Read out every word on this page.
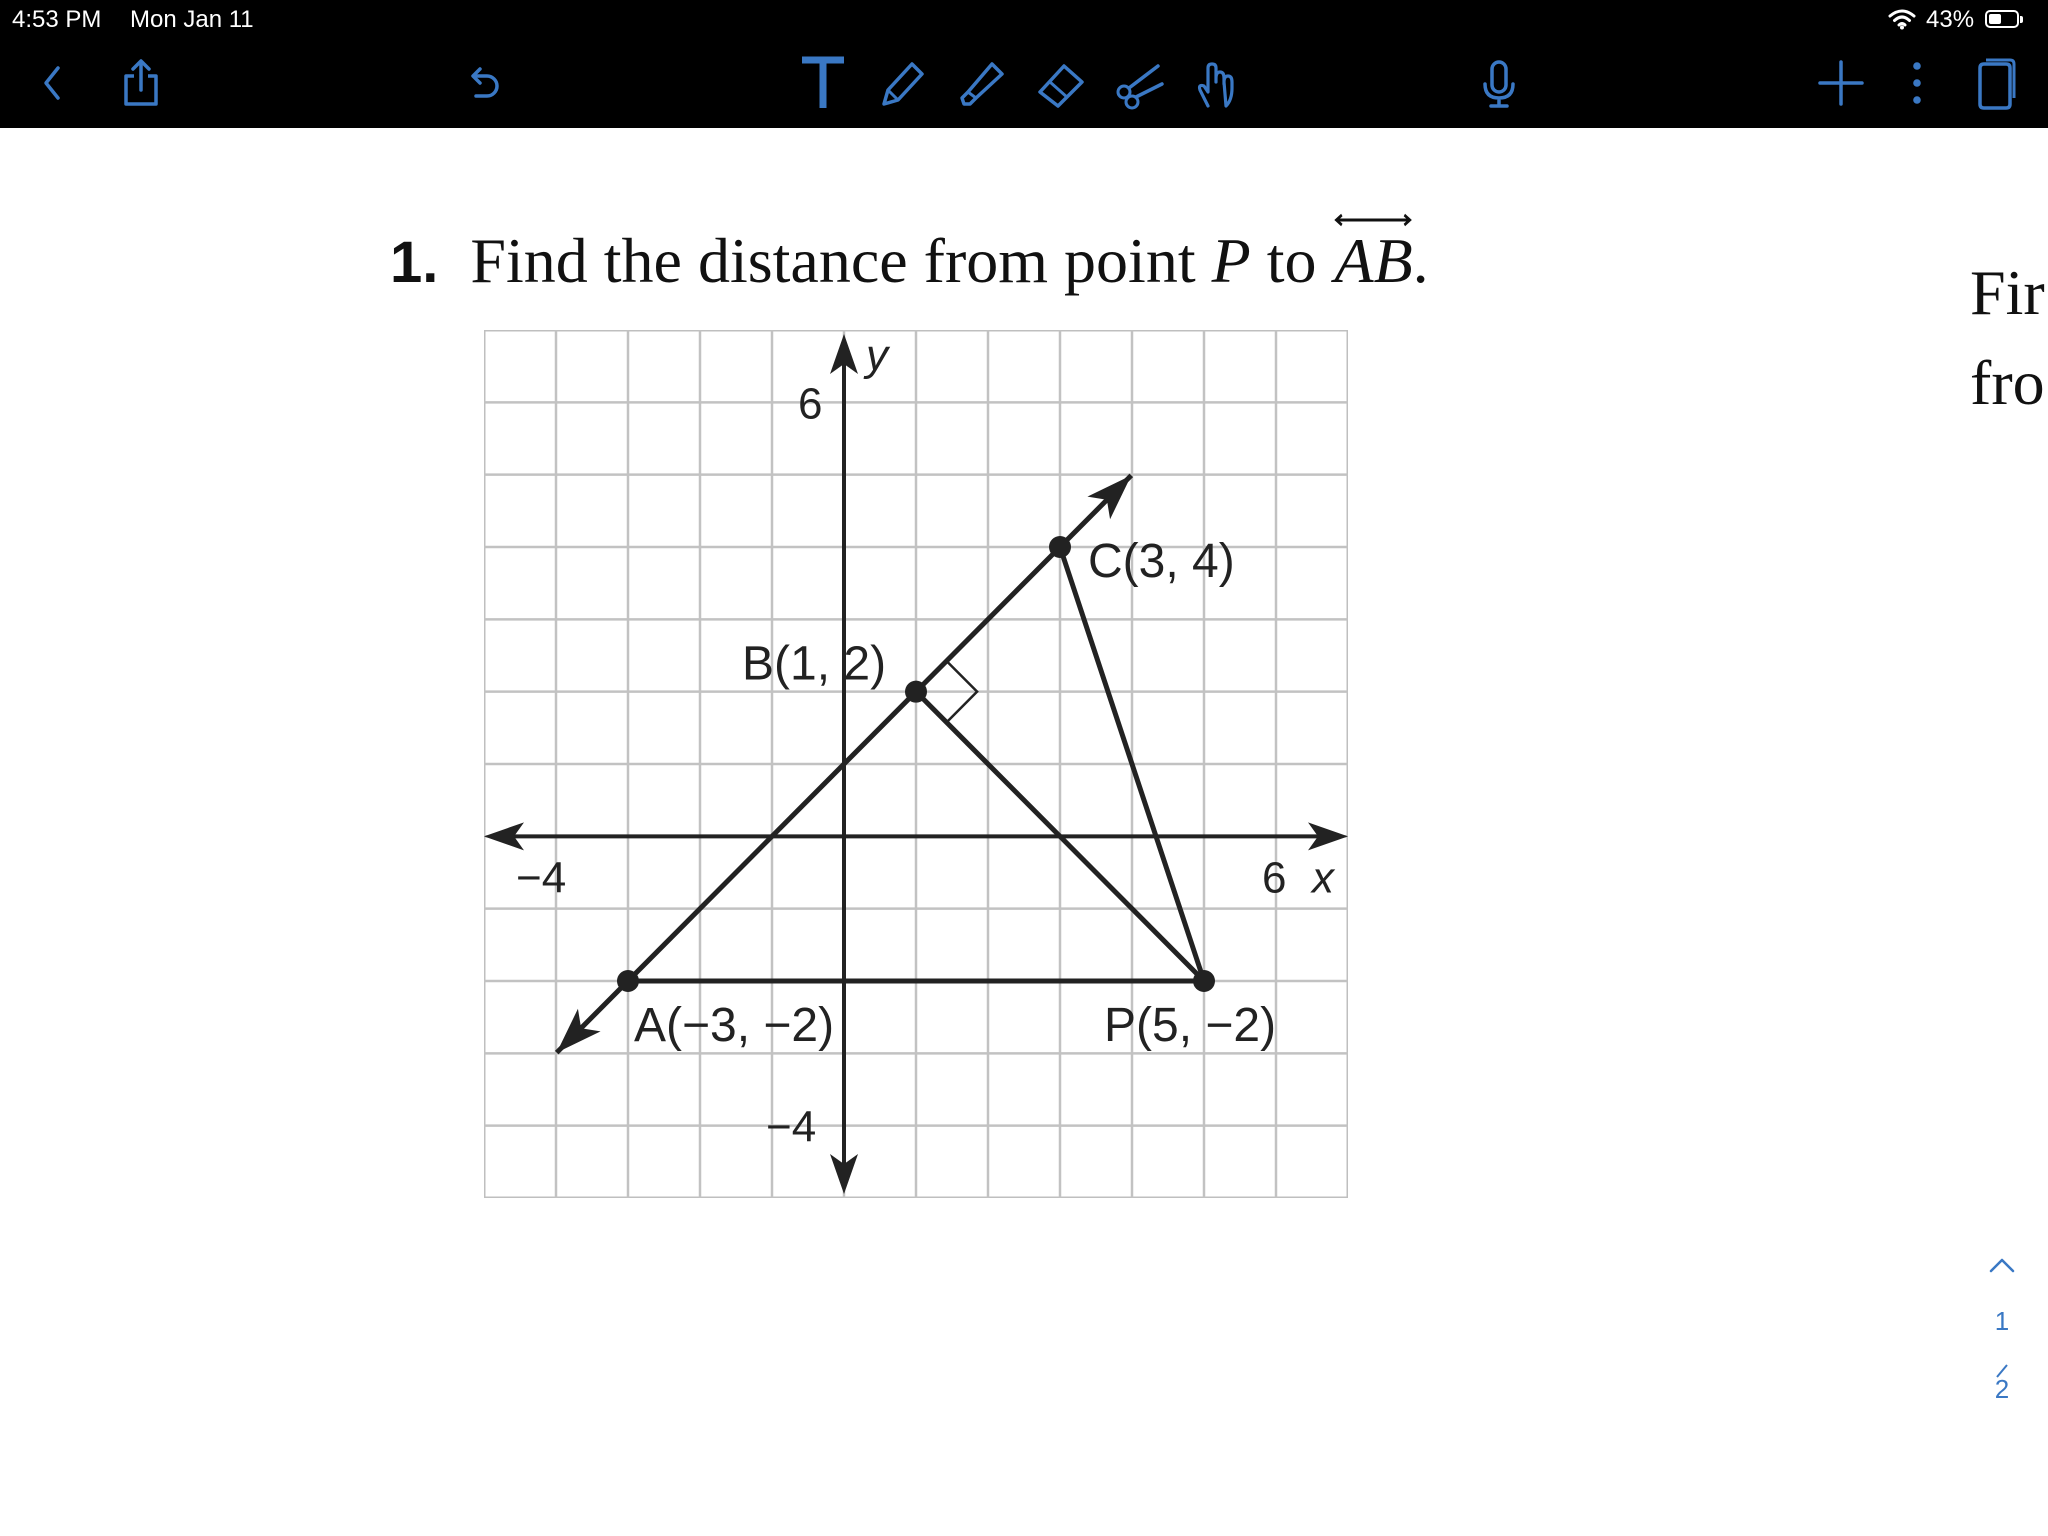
4:53 PM Mon Jan 11	43%
1. Find the distance from point P to AB.	Fir
fro
y
x
6
−4
−4	6
A(−3, −2)
B(1, 2)
C(3, 4)
P(5, −2)
1
2
